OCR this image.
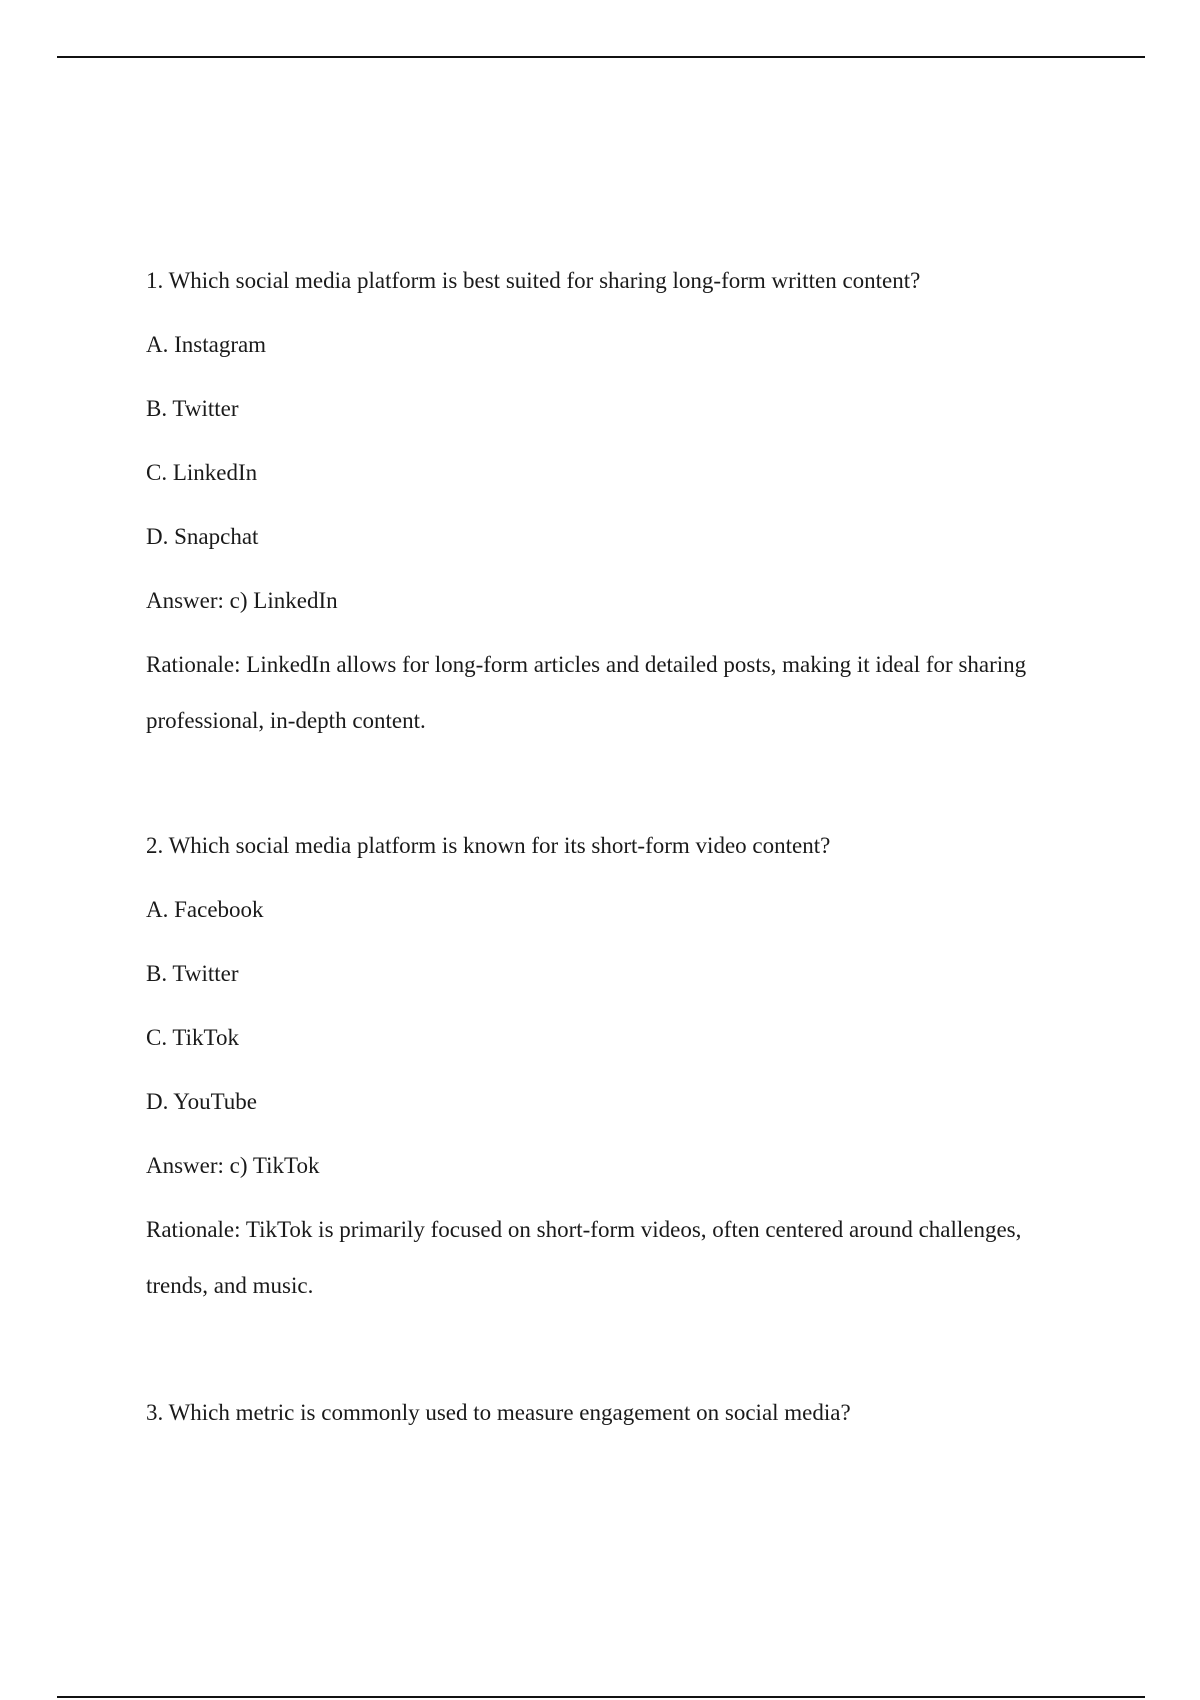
1. Which social media platform is best suited for sharing long-form written content?
A. Instagram
B. Twitter
C. LinkedIn
D. Snapchat
Answer: c) LinkedIn
Rationale: LinkedIn allows for long-form articles and detailed posts, making it ideal for sharing professional, in-depth content.
2. Which social media platform is known for its short-form video content?
A. Facebook
B. Twitter
C. TikTok
D. YouTube
Answer: c) TikTok
Rationale: TikTok is primarily focused on short-form videos, often centered around challenges, trends, and music.
3. Which metric is commonly used to measure engagement on social media?
